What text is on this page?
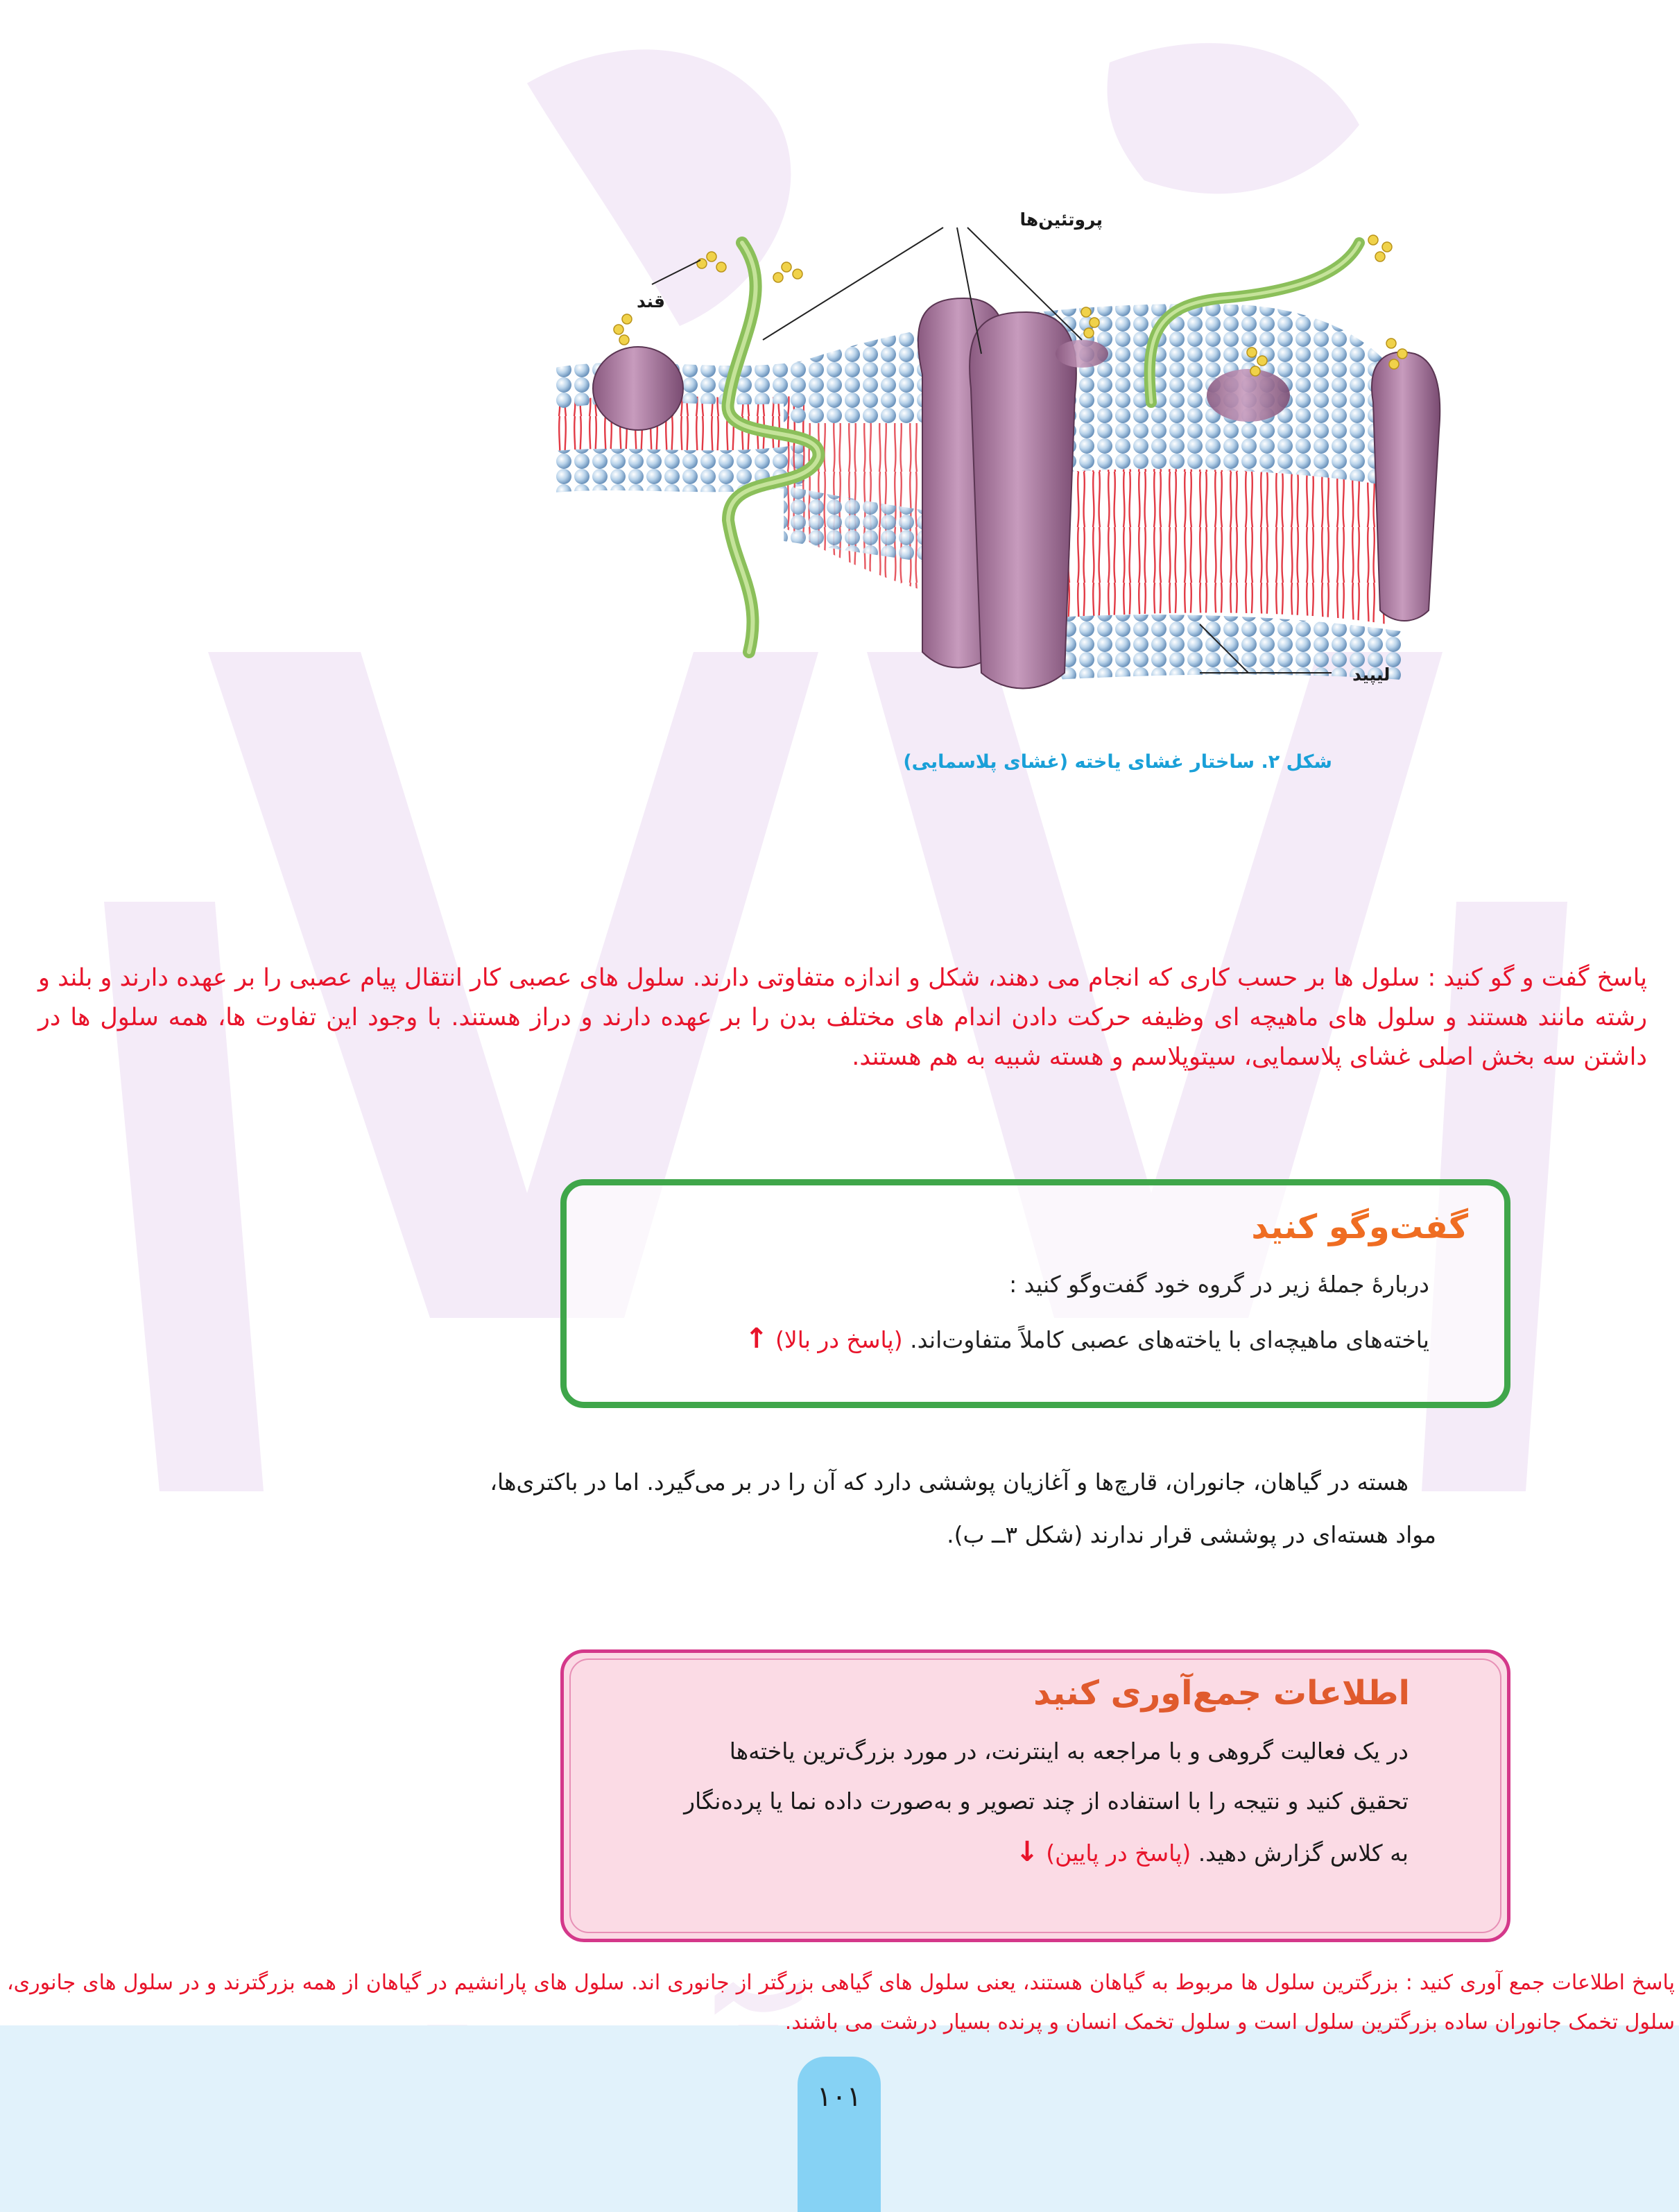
پروتئین‌ها
قند
لیپید
شکل ۲. ساختار غشای یاخته (غشای پلاسمایی)
پاسخ گفت و گو کنید : سلول ها بر حسب کاری که انجام می دهند، شکل و اندازه متفاوتی دارند. سلول های عصبی کار انتقال پیام عصبی را بر عهده دارند و بلند و رشته مانند هستند و سلول های ماهیچه ای وظیفه حرکت دادن اندام های مختلف بدن را بر عهده دارند و دراز هستند. با وجود این تفاوت ها، همه سلول ها در داشتن سه بخش اصلی غشای پلاسمایی، سیتوپلاسم و هسته شبیه به هم هستند.
گفت‌وگو کنید
دربارۀ جملۀ زیر در گروه خود گفت‌وگو کنید :
یاخته‌های ماهیچه‌ای با یاخته‌های عصبی کاملاً متفاوت‌اند. (پاسخ در بالا) ↑
هسته در گیاهان، جانوران، قارچ‌ها و آغازیان پوششی دارد که آن را در بر می‌گیرد. اما در باکتری‌ها،
مواد هسته‌ای در پوششی قرار ندارند (شکل ۳ــ ب).
اطلاعات جمع‌آوری کنید
در یک فعالیت گروهی و با مراجعه به اینترنت، در مورد بزرگ‌ترین یاخته‌ها
تحقیق کنید و نتیجه را با استفاده از چند تصویر و به‌صورت داده نما یا پرده‌نگار
به کلاس گزارش دهید. (پاسخ در پایین) ↓
پاسخ اطلاعات جمع آوری کنید : بزرگترین سلول ها مربوط به گیاهان هستند، یعنی سلول های گیاهی بزرگتر از جانوری اند. سلول های پارانشیم در گیاهان از همه بزرگترند و در سلول های جانوری، سلول تخمک جانوران ساده بزرگترین سلول است و سلول تخمک انسان و پرنده بسیار درشت می باشند.
۱۰۱
